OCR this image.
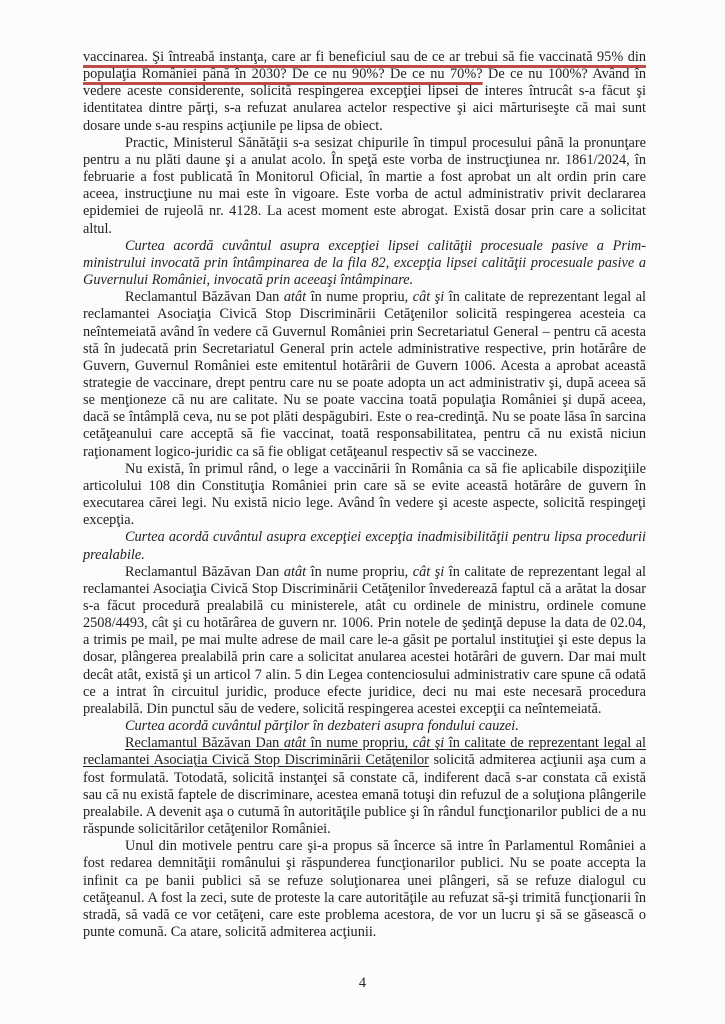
vaccinarea. Şi întreabă instanţa, care ar fi beneficiul sau de ce ar trebui să fie vaccinată 95% din populaţia României până în 2030? De ce nu 90%? De ce nu 70%? De ce nu 100%? Având în vedere aceste considerente, solicită respingerea excepţiei lipsei de interes întrucât s-a făcut şi identitatea dintre părţi, s-a refuzat anularea actelor respective şi aici mărturiseşte că mai sunt dosare unde s-au respins acţiunile pe lipsa de obiect.

Practic, Ministerul Sănătăţii s-a sesizat chipurile în timpul procesului până la pronunţare pentru a nu plăti daune şi a anulat acolo. În speţă este vorba de instrucţiunea nr. 1861/2024, în februarie a fost publicată în Monitorul Oficial, în martie a fost aprobat un alt ordin prin care aceea, instrucţiune nu mai este în vigoare. Este vorba de actul administrativ privit declararea epidemiei de rujeolă nr. 4128. La acest moment este abrogat. Există dosar prin care a solicitat altul.

Curtea acordă cuvântul asupra excepţiei lipsei calităţii procesuale pasive a Prim-ministrului invocată prin întâmpinarea de la fila 82, excepţia lipsei calităţii procesuale pasive a Guvernului României, invocată prin aceeaşi întâmpinare.

Reclamantul Băzăvan Dan atât în nume propriu, cât şi în calitate de reprezentant legal al reclamantei Asociaţia Civică Stop Discriminării Cetăţenilor solicită respingerea acesteia ca neîntemeiată având în vedere că Guvernul României prin Secretariatul General – pentru că acesta stă în judecată prin Secretariatul General prin actele administrative respective, prin hotărâre de Guvern, Guvernul României este emitentul hotărârii de Guvern 1006. Acesta a aprobat această strategie de vaccinare, drept pentru care nu se poate adopta un act administrativ şi, după aceea să se menţioneze că nu are calitate. Nu se poate vaccina toată populaţia României şi după aceea, dacă se întâmplă ceva, nu se pot plăti despăgubiri. Este o rea-credinţă. Nu se poate lăsa în sarcina cetăţeanului care acceptă să fie vaccinat, toată responsabilitatea, pentru că nu există niciun raţionament logico-juridic ca să fie obligat cetăţeanul respectiv să se vaccineze.

Nu există, în primul rând, o lege a vaccinării în România ca să fie aplicabile dispoziţiile articolului 108 din Constituţia României prin care să se evite această hotărâre de guvern în executarea cărei legi. Nu există nicio lege. Având în vedere şi aceste aspecte, solicită respingeţi excepţia.

Curtea acordă cuvântul asupra excepţiei excepţia inadmisibilităţii pentru lipsa procedurii prealabile.

Reclamantul Băzăvan Dan atât în nume propriu, cât şi în calitate de reprezentant legal al reclamantei Asociaţia Civică Stop Discriminării Cetăţenilor învederează faptul că a arătat la dosar s-a făcut procedură prealabilă cu ministerele, atât cu ordinele de ministru, ordinele comune 2508/4493, cât şi cu hotărârea de guvern nr. 1006. Prin notele de şedinţă depuse la data de 02.04, a trimis pe mail, pe mai multe adrese de mail care le-a găsit pe portalul instituţiei şi este depus la dosar, plângerea prealabilă prin care a solicitat anularea acestei hotărâri de guvern. Dar mai mult decât atât, există şi un articol 7 alin. 5 din Legea contenciosului administrativ care spune că odată ce a intrat în circuitul juridic, produce efecte juridice, deci nu mai este necesară procedura prealabilă. Din punctul său de vedere, solicită respingerea acestei excepţii ca neîntemeiată.

Curtea acordă cuvântul părţilor în dezbateri asupra fondului cauzei.

Reclamantul Băzăvan Dan atât în nume propriu, cât şi în calitate de reprezentant legal al reclamantei Asociaţia Civică Stop Discriminării Cetăţenilor solicită admiterea acţiunii aşa cum a fost formulată. Totodată, solicită instanţei să constate că, indiferent dacă s-ar constata că există sau că nu există faptele de discriminare, acestea emană totuşi din refuzul de a soluţiona plângerile prealabile. A devenit aşa o cutumă în autorităţile publice şi în rândul funcţionarilor publici de a nu răspunde solicitărilor cetăţenilor României.

Unul din motivele pentru care şi-a propus să încerce să intre în Parlamentul României a fost redarea demnităţii românului şi răspunderea funcţionarilor publici. Nu se poate accepta la infinit ca pe banii publici să se refuze soluţionarea unei plângeri, să se refuze dialogul cu cetăţeanul. A fost la zeci, sute de proteste la care autorităţile au refuzat să-şi trimită funcţionarii în stradă, să vadă ce vor cetăţeni, care este problema acestora, de vor un lucru şi să se găsească o punte comună. Ca atare, solicită admiterea acţiunii.

4
